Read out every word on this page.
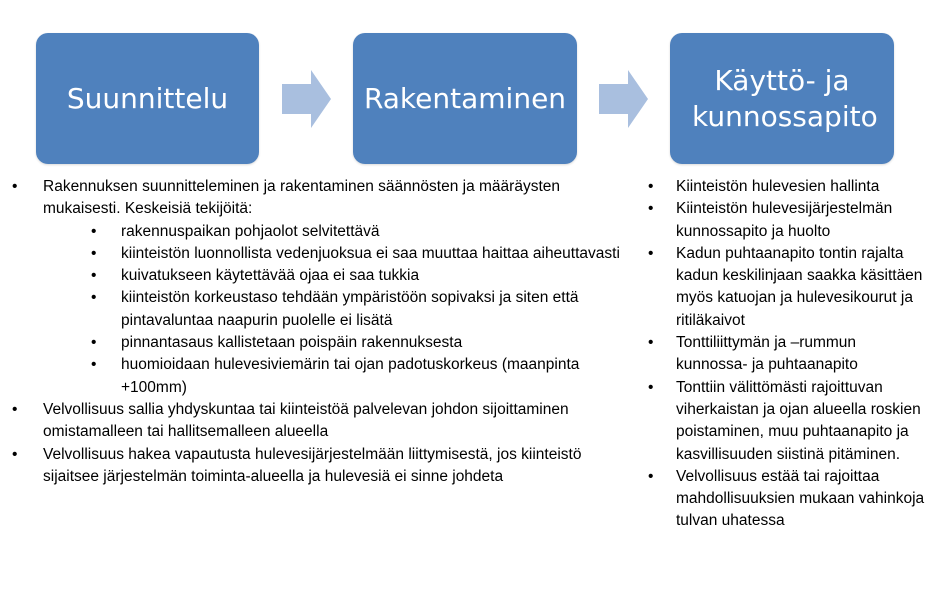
Suunnittelu	Rakentaminen
Käyttö- ja kunnossapito
• Rakennuksen suunnitteleminen ja rakentaminen säännösten ja määräysten mukaisesti. Keskeisiä tekijöitä:
• rakennuspaikan pohjaolot selvitettävä
• kiinteistön luonnollista vedenjuoksua ei saa muuttaa haittaa aiheuttavasti
• kuivatukseen käytettävää ojaa ei saa tukkia
• kiinteistön korkeustaso tehdään ympäristöön sopivaksi ja siten että pintavaluntaa naapurin puolelle ei lisätä
• pinnantasaus kallistetaan poispäin rakennuksesta
• huomioidaan hulevesiviemärin tai ojan padotuskorkeus (maanpinta +100mm)
• Velvollisuus sallia yhdyskuntaa tai kiinteistöä palvelevan johdon sijoittaminen omistamalleen tai hallitsemalleen alueella
• Velvollisuus hakea vapautusta hulevesijärjestelmään liittymisestä, jos kiinteistö sijaitsee järjestelmän toiminta-alueella ja hulevesiä ei sinne johdeta
• Kiinteistön hulevesien hallinta
• Kiinteistön hulevesijärjestelmän kunnossapito ja huolto
• Kadun puhtaanapito tontin rajalta kadun keskilinjaan saakka käsittäen myös katuojan ja hulevesikourut ja ritiläkaivot
• Tonttiliittymän ja –rummun kunnossa- ja puhtaanapito
• Tonttiin välittömästi rajoittuvan viherkaistan ja ojan alueella roskien poistaminen, muu puhtaanapito ja kasvillisuuden siistinä pitäminen.
• Velvollisuus estää tai rajoittaa mahdollisuuksien mukaan vahinkoja tulvan uhatessa
